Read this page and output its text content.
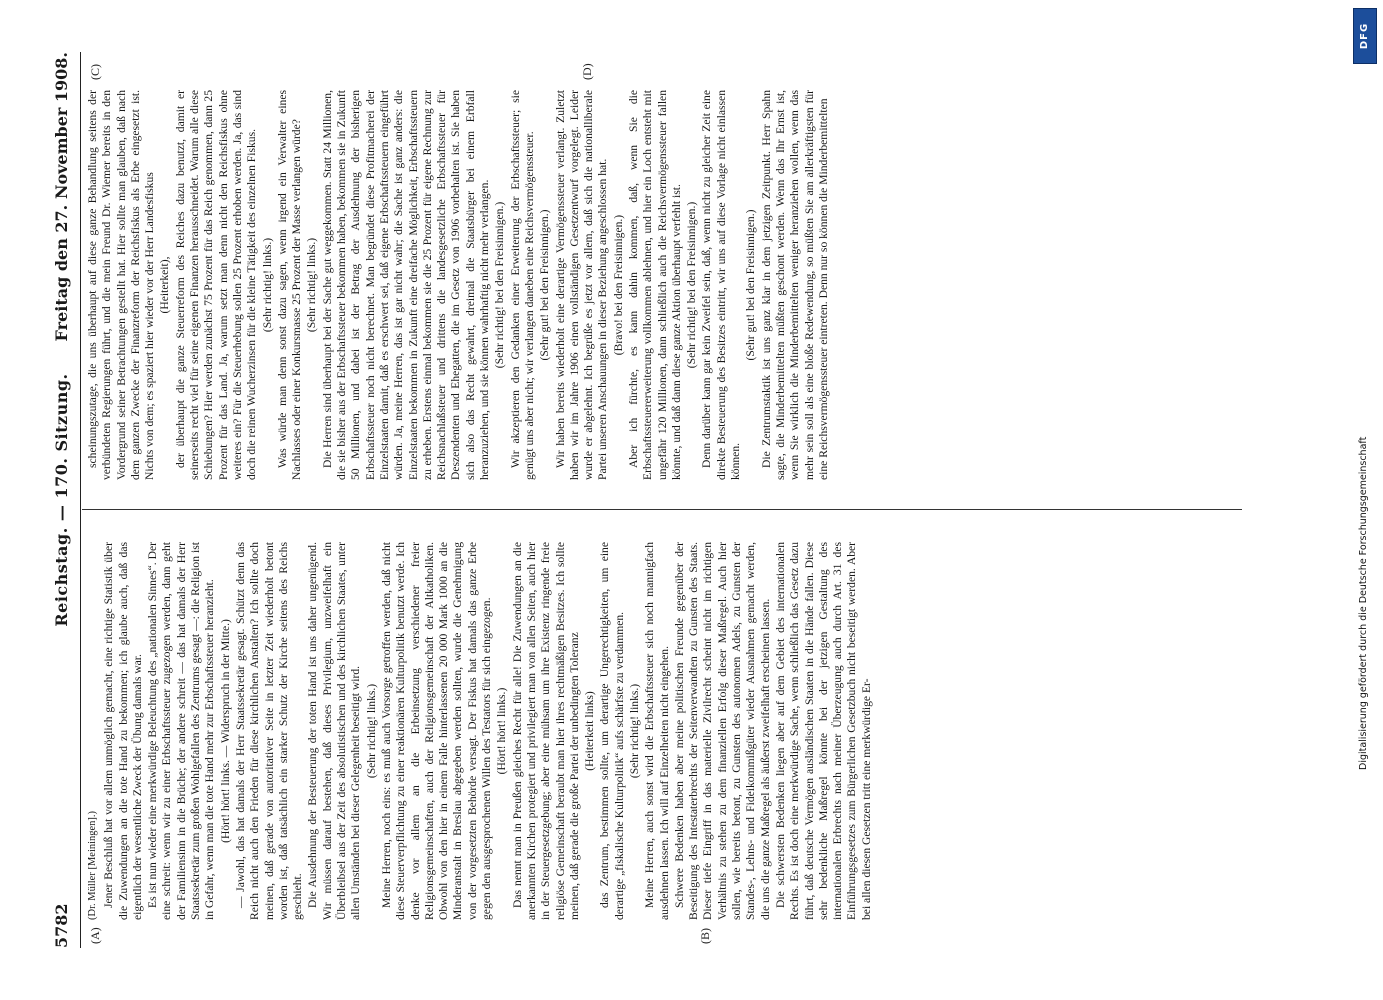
5782
Reichstag. — 170. Sitzung.
Freitag den 27. November 1908.
(A)	(B)
(C)	(D)
(Dr. Müller [Meiningen].) Jener Beschluß hat vor allem unmöglich gemacht, eine richtige Statistik über die Zuwendungen an die tote Hand zu bekommen; ich glaube auch, daß das eigentlich der wesentliche Zweck der Übung damals war. Es ist nun wieder eine merkwürdige Beleuchtung des „nationalen Sinnes“. Der eine schreit: wenn wir zu einer Erbschaftssteuer zugezogen werden, dann geht der Familiensinn in die Brüche; der andere schreit — das hat damals der Herr Staatssekretär zum großen Wohlgefallen des Zentrums gesagt —: die Religion ist in Gefahr, wenn man die tote Hand mehr zur Erbschaftssteuer heranzieht. (Hört! hört! links. — Widerspruch in der Mitte.) — Jawohl, das hat damals der Herr Staatssekretär gesagt. Schützt denn das Reich nicht auch den Frieden für diese kirchlichen Anstalten? Ich sollte doch meinen, daß gerade von autoritativer Seite in letzter Zeit wiederholt betont worden ist, daß tatsächlich ein starker Schutz der Kirche seitens des Reichs geschieht. Die Ausdehnung der Besteuerung der toten Hand ist uns daher ungenügend. Wir müssen darauf bestehen, daß dieses Privilegium, unzweifelhaft ein Überbleibsel aus der Zeit des absolutistischen und des kirchlichen Staates, unter allen Umständen bei dieser Gelegenheit beseitigt wird. (Sehr richtig! links.) Meine Herren, noch eins: es muß auch Vorsorge getroffen werden, daß nicht diese Steuerverpflichtung zu einer reaktionären Kulturpolitik benutzt werde. Ich denke vor allem an die Erbeinsetzung verschiedener freier Religionsgemeinschaften, auch der Religionsgemeinschaft der Altkatholiken. Obwohl von den hier in einem Falle hinterlassenen 20 000 Mark 1000 an die Minderanstalt in Breslau abgegeben werden sollten, wurde die Genehmigung von der vorgesetzten Behörde versagt. Der Fiskus hat damals das ganze Erbe gegen den ausgesprochenen Willen des Testators für sich eingezogen. (Hört! hört! links.) Das nennt man in Preußen gleiches Recht für alle! Die Zuwendungen an die anerkannten Kirchen protegiert und privilegiert man von allen Seiten, auch hier in der Steuergesetzgebung; aber eine mühsam um ihre Existenz ringende freie religiöse Gemeinschaft beraubt man hier ihres rechtmäßigen Besitzes. Ich sollte meinen, daß gerade die große Partei der unbedingten Toleranz (Heiterkeit links) das Zentrum, bestimmen sollte, um derartige Ungerechtigkeiten, um eine derartige „fiskalische Kulturpolitik“ aufs schärfste zu verdammen. (Sehr richtig! links.) Meine Herren, auch sonst wird die Erbschaftssteuer sich noch mannigfach ausdehnen lassen. Ich will auf Einzelheiten nicht eingehen. Schwere Bedenken haben aber meine politischen Freunde gegenüber der Beseitigung des Intestaterbrechts der Seitenverwandten zu Gunsten des Staats. Dieser tiefe Eingriff in das materielle Zivilrecht scheint nicht im richtigen Verhältnis zu stehen zu dem finanziellen Erfolg dieser Maßregel. Auch hier sollen, wie bereits betont, zu Gunsten des autonomen Adels, zu Gunsten der Standes-, Lehns- und Fideikommißgüter wieder Ausnahmen gemacht werden, die uns die ganze Maßregel als äußerst zweifelhaft erscheinen lassen. Die schwersten Bedenken liegen aber auf dem Gebiet des internationalen Rechts. Es ist doch eine merkwürdige Sache, wenn schließlich das Gesetz dazu führt, daß deutsche Vermögen ausländischen Staaten in die Hände fallen. Diese sehr bedenkliche Maßregel könnte bei der jetzigen Gestaltung des internationalen Erbrechts nach meiner Überzeugung auch durch Art. 31 des Einführungsgesetzes zum Bürgerlichen Gesetzbuch nicht beseitigt werden. Aber bei allen diesen Gesetzen tritt eine merkwürdige Er-

scheinungszutage, die uns überhaupt auf diese ganze Behandlung seitens der verbündeten Regierungen führt, und die mein Freund Dr. Wiemer bereits in den Vordergrund seiner Betrachtungen gestellt hat. Hier sollte man glauben, daß nach dem ganzen Zwecke der Finanzreform der Reichsfiskus als Erbe eingesetzt ist. Nichts von dem; es spaziert hier wieder vor der Herr Landesfiskus (Heiterkeit), der überhaupt die ganze Steuerreform des Reiches dazu benutzt, damit er seinerseits recht viel für seine eigenen Finanzen herausschneidet. Warum alle diese Schiebungen? Hier werden zunächst 75 Prozent für das Reich genommen, dann 25 Prozent für das Land. Ja, warum setzt man denn nicht den Reichsfiskus ohne weiteres ein? Für die Steuerhebung sollen 25 Prozent erhoben werden. Ja, das sind doch die reinen Wucherzinsen für die kleine Tätigkeit des einzelnen Fiskus. (Sehr richtig! links.) Was würde man denn sonst dazu sagen, wenn irgend ein Verwalter eines Nachlasses oder einer Konkursmasse 25 Prozent der Masse verlangen würde? (Sehr richtig! links.) Die Herren sind überhaupt bei der Sache gut weggekommen. Statt 24 Millionen, die sie bisher aus der Erbschaftssteuer bekommen haben, bekommen sie in Zukunft 50 Millionen, und dabei ist der Betrag der Ausdehnung der bisherigen Erbschaftssteuer noch nicht berechnet. Man begründet diese Profitmacherei der Einzelstaaten damit, daß es erschwert sei, daß eigene Erbschaftssteuern eingeführt würden. Ja, meine Herren, das ist gar nicht wahr; die Sache ist ganz anders: die Einzelstaaten bekommen in Zukunft eine dreifache Möglichkeit, Erbschaftssteuern zu erheben. Erstens einmal bekommen sie die 25 Prozent für eigene Rechnung zur Reichsnachlaßsteuer und drittens die landesgesetzliche Erbschaftssteuer für Deszendenten und Ehegatten, die im Gesetz von 1906 vorbehalten ist. Sie haben sich also das Recht gewahrt, dreimal die Staatsbürger bei einem Erbfall heranzuziehen, und sie können wahrhaftig nicht mehr verlangen. (Sehr richtig! bei den Freisinnigen.) Wir akzeptieren den Gedanken einer Erweiterung der Erbschaftssteuer; sie genügt uns aber nicht; wir verlangen daneben eine Reichsvermögenssteuer. (Sehr gut! bei den Freisinnigen.) Wir haben bereits wiederholt eine derartige Vermögenssteuer verlangt. Zuletzt haben wir im Jahre 1906 einen vollständigen Gesetzentwurf vorgelegt. Leider wurde er abgelehnt. Ich begrüße es jetzt vor allem, daß sich die nationalliberale Partei unseren Anschauungen in dieser Beziehung angeschlossen hat. (Bravo! bei den Freisinnigen.) Aber ich fürchte, es kann dahin kommen, daß, wenn Sie die Erbschaftssteuererweiterung vollkommen ablehnen, und hier ein Loch entsteht mit ungefähr 120 Millionen, dann schließlich auch die Reichsvermögenssteuer fallen könnte, und daß dann diese ganze Aktion überhaupt verfehlt ist. (Sehr richtig! bei den Freisinnigen.) Denn darüber kann gar kein Zweifel sein, daß, wenn nicht zu gleicher Zeit eine direkte Besteuerung des Besitzes eintritt, wir uns auf diese Vorlage nicht einlassen können.

(Sehr gut! bei den Freisinnigen.) Die Zentrumstaktik ist uns ganz klar in dem jetzigen Zeitpunkt. Herr Spahn sagte, die Minderbemittelten müßten geschont werden. Wenn das Ihr Ernst ist, wenn Sie wirklich die Minderbemittelten weniger heranziehen wollen, wenn das mehr sein soll als eine bloße Redewendung, so müßten Sie am allerkräftigsten für eine Reichsvermögenssteuer eintreten. Denn nur so können die Minderbemittelten

DFG
Digitalisierung gefördert durch die Deutsche Forschungsgemeinschaft
